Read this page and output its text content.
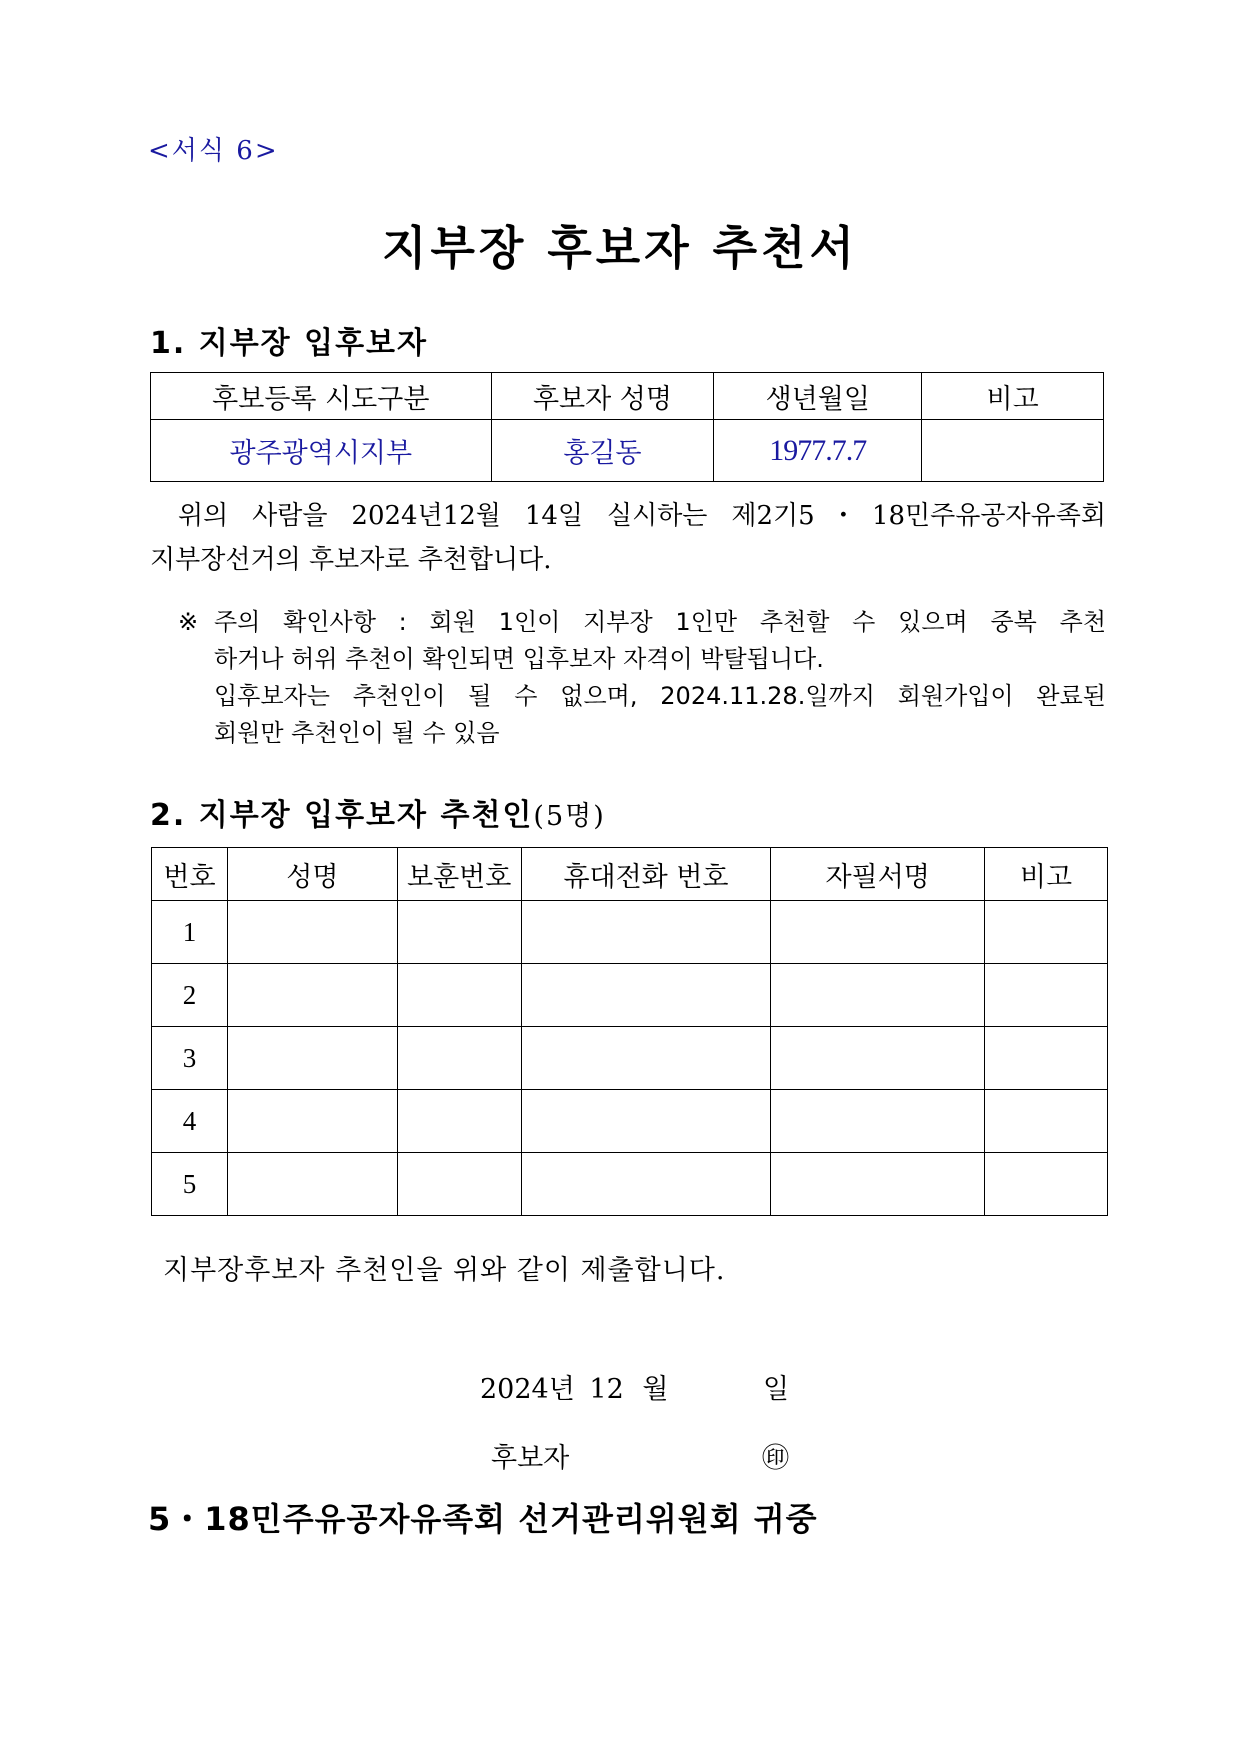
<서식 6>
지부장 후보자 추천서
1. 지부장 입후보자
후보등록 시도구분	후보자 성명	생년월일	비고
광주광역시지부	홍길동	1977.7.7	
위의 사람을 2024년12월 14일 실시하는 제2기5・18민주유공자유족회
지부장선거의 후보자로 추천합니다.
※ 주의 확인사항 : 회원 1인이 지부장 1인만 추천할 수 있으며 중복 추천
하거나 허위 추천이 확인되면 입후보자 자격이 박탈됩니다.
입후보자는 추천인이 될 수 없으며, 2024.11.28.일까지 회원가입이 완료된
회원만 추천인이 될 수 있음
2. 지부장 입후보자 추천인(5명)
번호	성명	보훈번호	휴대전화 번호	자필서명	비고
1					
2					
3					
4					
5					
지부장후보자 추천인을 위와 같이 제출합니다.
2024년 12 월	일
후보자	㊞
5・18민주유공자유족회 선거관리위원회 귀중
